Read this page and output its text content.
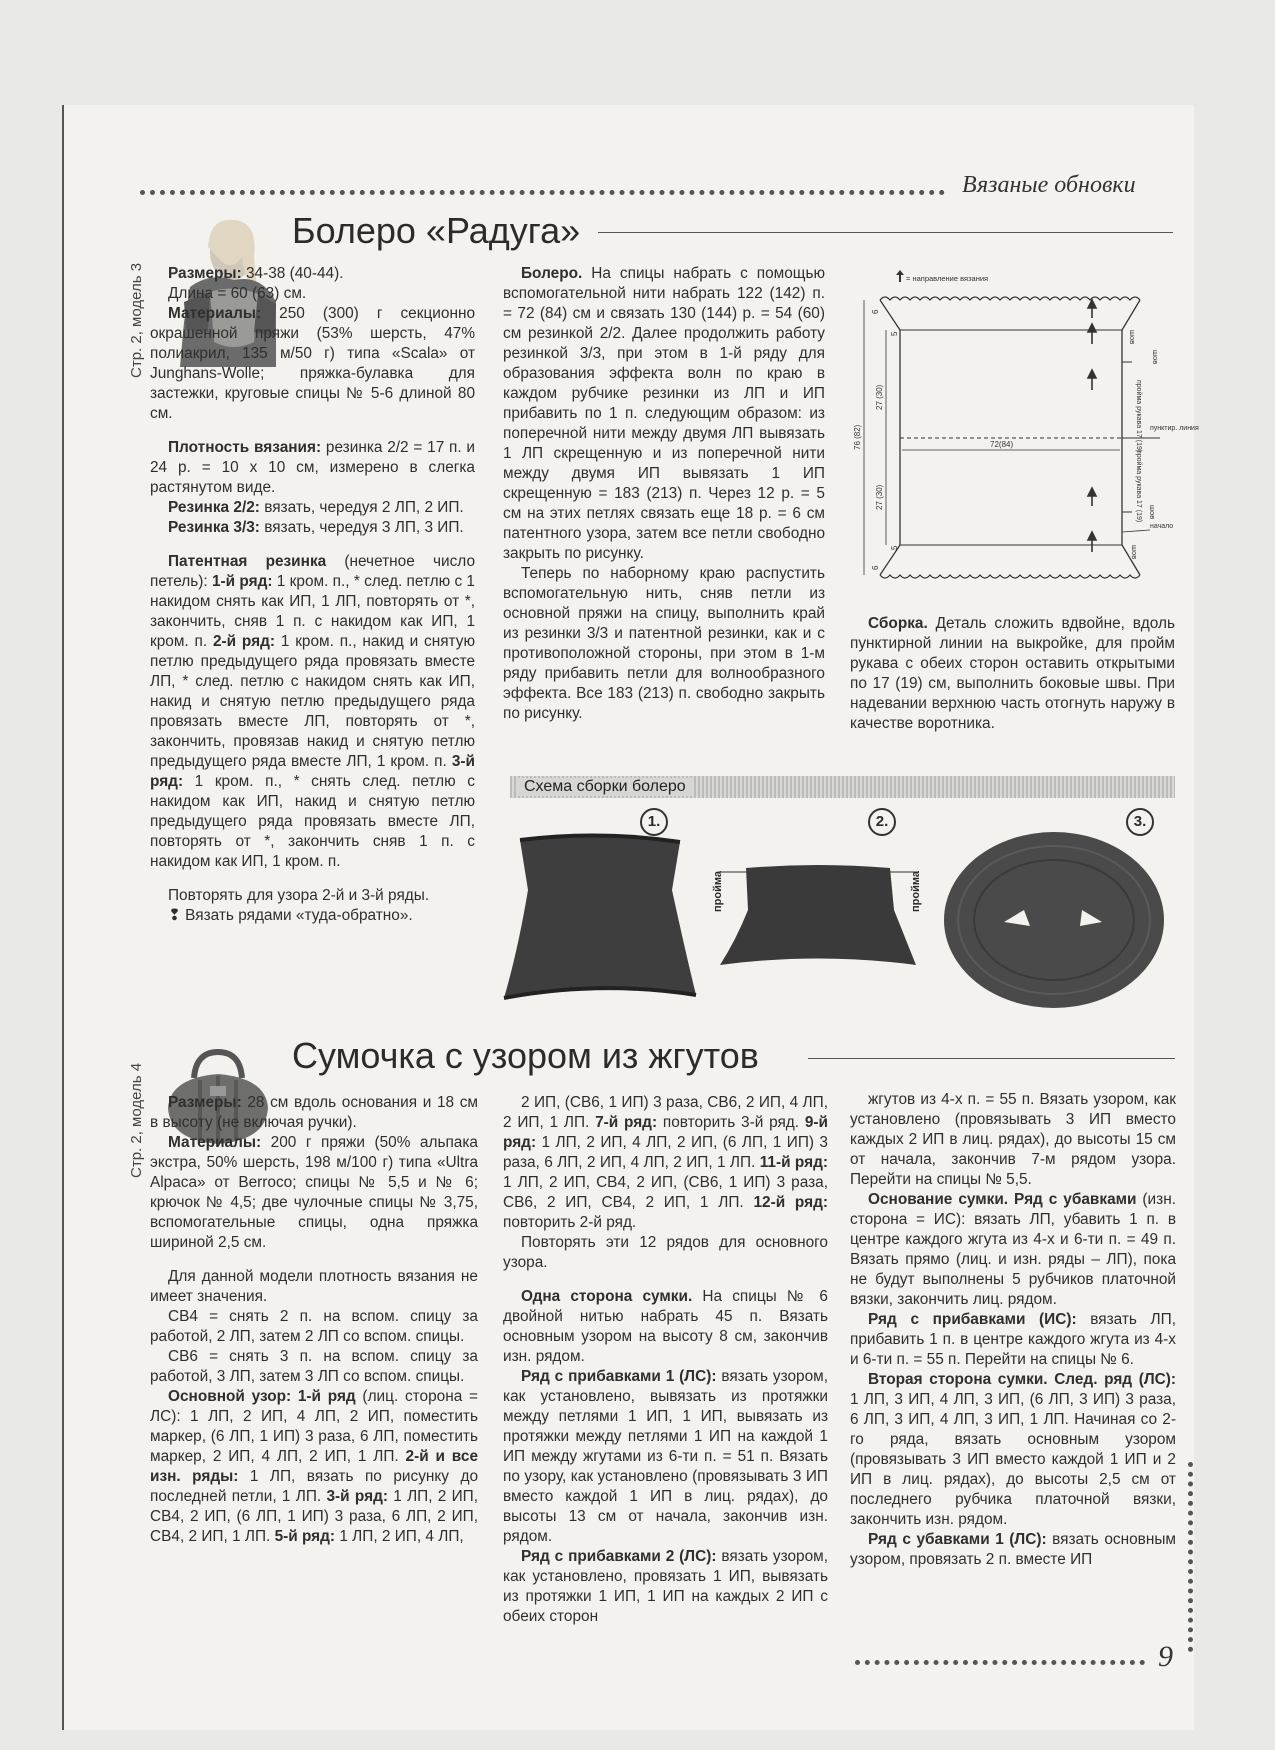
Вязаные обновки
Стр. 2, модель 3
Болеро «Радуга»

Размеры: 34-38 (40-44).

Длина = 60 (63) см.

Материалы: 250 (300) г секционно окрашенной пряжи (53% шерсть, 47% полиакрил, 135 м/50 г) типа «Scala» от Junghans-Wolle; пряжка-булавка для застежки, круговые спицы № 5-6 длиной 80 см.

Плотность вязания: резинка 2/2 = 17 п. и 24 р. = 10 x 10 см, измерено в слегка растянутом виде.

Резинка 2/2: вязать, чередуя 2 ЛП, 2 ИП.

Резинка 3/3: вязать, чередуя 3 ЛП, 3 ИП.

Патентная резинка (нечетное число петель): 1-й ряд: 1 кром. п., * след. петлю с 1 накидом снять как ИП, 1 ЛП, повторять от *, закончить, сняв 1 п. с накидом как ИП, 1 кром. п. 2-й ряд: 1 кром. п., накид и снятую петлю предыдущего ряда провязать вместе ЛП, * след. петлю с накидом снять как ИП, накид и снятую петлю предыдущего ряда провязать вместе ЛП, повторять от *, закончить, провязав накид и снятую петлю предыдущего ряда вместе ЛП, 1 кром. п. 3-й ряд: 1 кром. п., * снять след. петлю с накидом как ИП, накид и снятую петлю предыдущего ряда провязать вместе ЛП, повторять от *, закончить сняв 1 п. с накидом как ИП, 1 кром. п.

Повторять для узора 2-й и 3-й ряды.

❢ Вязать рядами «туда-обратно».

Болеро. На спицы набрать с помощью вспомогательной нити набрать 122 (142) п. = 72 (84) см и связать 130 (144) р. = 54 (60) см резинкой 2/2. Далее продолжить работу резинкой 3/3, при этом в 1-й ряду для образования эффекта волн по краю в каждом рубчике резинки из ЛП и ИП прибавить по 1 п. следующим образом: из поперечной нити между двумя ЛП вывязать 1 ЛП скрещенную и из поперечной нити между двумя ИП вывязать 1 ИП скрещенную = 183 (213) п. Через 12 р. = 5 см на этих петлях связать еще 18 р. = 6 см патентного узора, затем все петли свободно закрыть по рисунку.

Теперь по наборному краю распустить вспомогательную нить, сняв петли из основной пряжи на спицу, выполнить край из резинки 3/3 и патентной резинки, как и с противоположной стороны, при этом в 1-м ряду прибавить петли для волнообразного эффекта. Все 183 (213) п. свободно закрыть по рисунку.

= направление вязания
72(84)
76 (82)
27 (30)
27 (30)
6
5
5
6
шов
шов
пройма рукава 17 (19) пунктир. линия
пройма рукава 17 (19) шов
начало
шов

Сборка. Деталь сложить вдвойне, вдоль пунктирной линии на выкройке, для пройм рукава с обеих сторон оставить открытыми по 17 (19) см, выполнить боковые швы. При надевании верхнюю часть отогнуть наружу в качестве воротника.

Схема сборки болеро
1.	2.	3.
пройма	пройма
Стр. 2, модель 4
Сумочка с узором из жгутов

Размеры: 28 см вдоль основания и 18 см в высоту (не включая ручки).

Материалы: 200 г пряжи (50% альпака экстра, 50% шерсть, 198 м/100 г) типа «Ultra Alpaca» от Berroco; спицы № 5,5 и № 6; крючок № 4,5; две чулочные спицы № 3,75, вспомогательные спицы, одна пряжка шириной 2,5 см.

Для данной модели плотность вязания не имеет значения.

СВ4 = снять 2 п. на вспом. спицу за работой, 2 ЛП, затем 2 ЛП со вспом. спицы.

СВ6 = снять 3 п. на вспом. спицу за работой, 3 ЛП, затем 3 ЛП со вспом. спицы.

Основной узор: 1-й ряд (лиц. сторона = ЛС): 1 ЛП, 2 ИП, 4 ЛП, 2 ИП, поместить маркер, (6 ЛП, 1 ИП) 3 раза, 6 ЛП, поместить маркер, 2 ИП, 4 ЛП, 2 ИП, 1 ЛП. 2-й и все изн. ряды: 1 ЛП, вязать по рисунку до последней петли, 1 ЛП. 3-й ряд: 1 ЛП, 2 ИП, СВ4, 2 ИП, (6 ЛП, 1 ИП) 3 раза, 6 ЛП, 2 ИП, СВ4, 2 ИП, 1 ЛП. 5-й ряд: 1 ЛП, 2 ИП, 4 ЛП,

2 ИП, (СВ6, 1 ИП) 3 раза, СВ6, 2 ИП, 4 ЛП, 2 ИП, 1 ЛП. 7-й ряд: повторить 3-й ряд. 9-й ряд: 1 ЛП, 2 ИП, 4 ЛП, 2 ИП, (6 ЛП, 1 ИП) 3 раза, 6 ЛП, 2 ИП, 4 ЛП, 2 ИП, 1 ЛП. 11-й ряд: 1 ЛП, 2 ИП, СВ4, 2 ИП, (СВ6, 1 ИП) 3 раза, СВ6, 2 ИП, СВ4, 2 ИП, 1 ЛП. 12-й ряд: повторить 2-й ряд.

Повторять эти 12 рядов для основного узора.

Одна сторона сумки. На спицы № 6 двойной нитью набрать 45 п. Вязать основным узором на высоту 8 см, закончив изн. рядом.

Ряд с прибавками 1 (ЛС): вязать узором, как установлено, вывязать из протяжки между петлями 1 ИП, 1 ИП, вывязать из протяжки между петлями 1 ИП на каждой 1 ИП между жгутами из 6-ти п. = 51 п. Вязать по узору, как установлено (провязывать 3 ИП вместо каждой 1 ИП в лиц. рядах), до высоты 13 см от начала, закончив изн. рядом.

Ряд с прибавками 2 (ЛС): вязать узором, как установлено, провязать 1 ИП, вывязать из протяжки 1 ИП, 1 ИП на каждых 2 ИП с обеих сторон

жгутов из 4-х п. = 55 п. Вязать узором, как установлено (провязывать 3 ИП вместо каждых 2 ИП в лиц. рядах), до высоты 15 см от начала, закончив 7-м рядом узора. Перейти на спицы № 5,5.

Основание сумки. Ряд с убавками (изн. сторона = ИС): вязать ЛП, убавить 1 п. в центре каждого жгута из 4-х и 6-ти п. = 49 п. Вязать прямо (лиц. и изн. ряды – ЛП), пока не будут выполнены 5 рубчиков платочной вязки, закончить лиц. рядом.

Ряд с прибавками (ИС): вязать ЛП, прибавить 1 п. в центре каждого жгута из 4-х и 6-ти п. = 55 п. Перейти на спицы № 6.

Вторая сторона сумки. След. ряд (ЛС): 1 ЛП, 3 ИП, 4 ЛП, 3 ИП, (6 ЛП, 3 ИП) 3 раза, 6 ЛП, 3 ИП, 4 ЛП, 3 ИП, 1 ЛП. Начиная со 2-го ряда, вязать основным узором (провязывать 3 ИП вместо каждой 1 ИП и 2 ИП в лиц. рядах), до высоты 2,5 см от последнего рубчика платочной вязки, закончить изн. рядом.

Ряд с убавками 1 (ЛС): вязать основным узором, провязать 2 п. вместе ИП

9
